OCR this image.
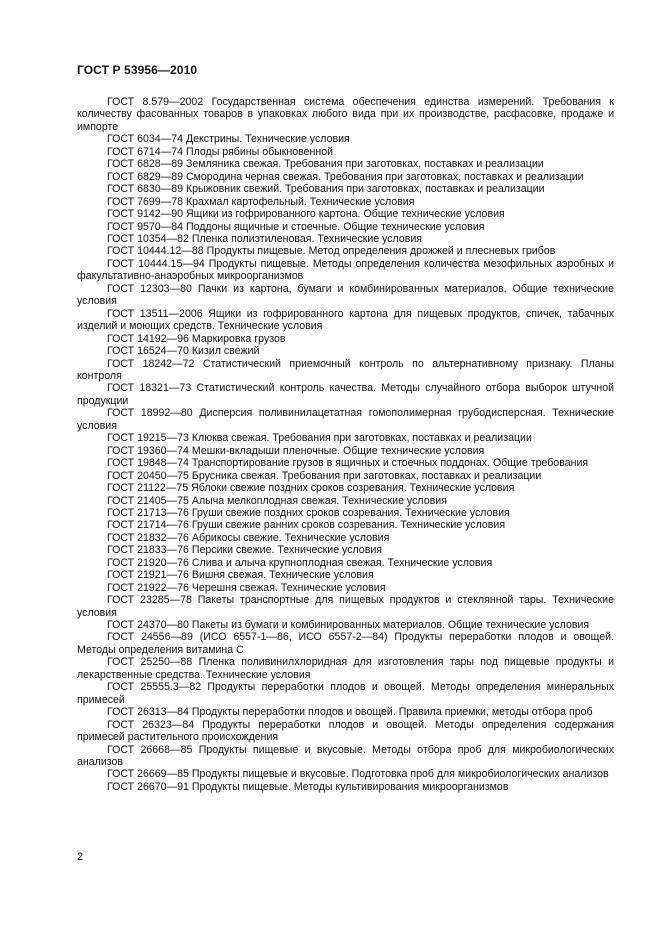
ГОСТ Р 53956—2010

ГОСТ 8.579—2002 Государственная система обеспечения единства измерений. Требования к количеству фасованных товаров в упаковках любого вида при их производстве, расфасовке, продаже и импорте

ГОСТ 6034—74 Декстрины. Технические условия

ГОСТ 6714—74 Плоды рябины обыкновенной

ГОСТ 6828—89 Земляника свежая. Требования при заготовках, поставках и реализации

ГОСТ 6829—89 Смородина черная свежая. Требования при заготовках, поставках и реализации

ГОСТ 6830—89 Крыжовник свежий. Требования при заготовках, поставках и реализации

ГОСТ 7699—78 Крахмал картофельный. Технические условия

ГОСТ 9142—90 Ящики из гофрированного картона. Общие технические условия

ГОСТ 9570—84 Поддоны ящичные и стоечные. Общие технические условия

ГОСТ 10354—82 Пленка полиэтиленовая. Технические условия

ГОСТ 10444.12—88 Продукты пищевые. Метод определения дрожжей и плесневых грибов

ГОСТ 10444.15—94 Продукты пищевые. Методы определения количества мезофильных аэробных и факультативно-анаэробных микроорганизмов

ГОСТ 12303—80 Пачки из картона, бумаги и комбинированных материалов. Общие технические условия

ГОСТ 13511—2006 Ящики из гофрированного картона для пищевых продуктов, спичек, табачных изделий и моющих средств. Технические условия

ГОСТ 14192—96 Маркировка грузов

ГОСТ 16524—70 Кизил свежий

ГОСТ 18242—72 Статистический приемочный контроль по альтернативному признаку. Планы контроля

ГОСТ 18321—73 Статистический контроль качества. Методы случайного отбора выборок штучной продукции

ГОСТ 18992—80 Дисперсия поливинилацетатная гомополимерная грубодисперсная. Технические условия

ГОСТ 19215—73 Клюква свежая. Требования при заготовках, поставках и реализации

ГОСТ 19360—74 Мешки-вкладыши пленочные. Общие технические условия

ГОСТ 19848—74 Транспортирование грузов в ящичных и стоечных поддонах. Общие требования

ГОСТ 20450—75 Брусника свежая. Требования при заготовках, поставках и реализации

ГОСТ 21122—75 Яблоки свежие поздних сроков созревания. Технические условия

ГОСТ 21405—75 Алыча мелкоплодная свежая. Технические условия

ГОСТ 21713—76 Груши свежие поздних сроков созревания. Технические условия

ГОСТ 21714—76 Груши свежие ранних сроков созревания. Технические условия

ГОСТ 21832—76 Абрикосы свежие. Технические условия

ГОСТ 21833—76 Персики свежие. Технические условия

ГОСТ 21920—76 Слива и алыча крупноплодная свежая. Технические условия

ГОСТ 21921—76 Вишня свежая. Технические условия

ГОСТ 21922—76 Черешня свежая. Технические условия

ГОСТ 23285—78 Пакеты транспортные для пищевых продуктов и стеклянной тары. Технические условия

ГОСТ 24370—80 Пакеты из бумаги и комбинированных материалов. Общие технические условия

ГОСТ 24556—89 (ИСО 6557-1—86, ИСО 6557-2—84) Продукты переработки плодов и овощей. Методы определения витамина С

ГОСТ 25250—88 Пленка поливинилхлоридная для изготовления тары под пищевые продукты и лекарственные средства. Технические условия

ГОСТ 25555.3—82 Продукты переработки плодов и овощей. Методы определения минеральных примесей

ГОСТ 26313—84 Продукты переработки плодов и овощей. Правила приемки, методы отбора проб

ГОСТ 26323—84 Продукты переработки плодов и овощей. Методы определения содержания примесей растительного происхождения

ГОСТ 26668—85 Продукты пищевые и вкусовые. Методы отбора проб для микробиологических анализов

ГОСТ 26669—85 Продукты пищевые и вкусовые. Подготовка проб для микробиологических анализов

ГОСТ 26670—91 Продукты пищевые. Методы культивирования микроорганизмов

2
